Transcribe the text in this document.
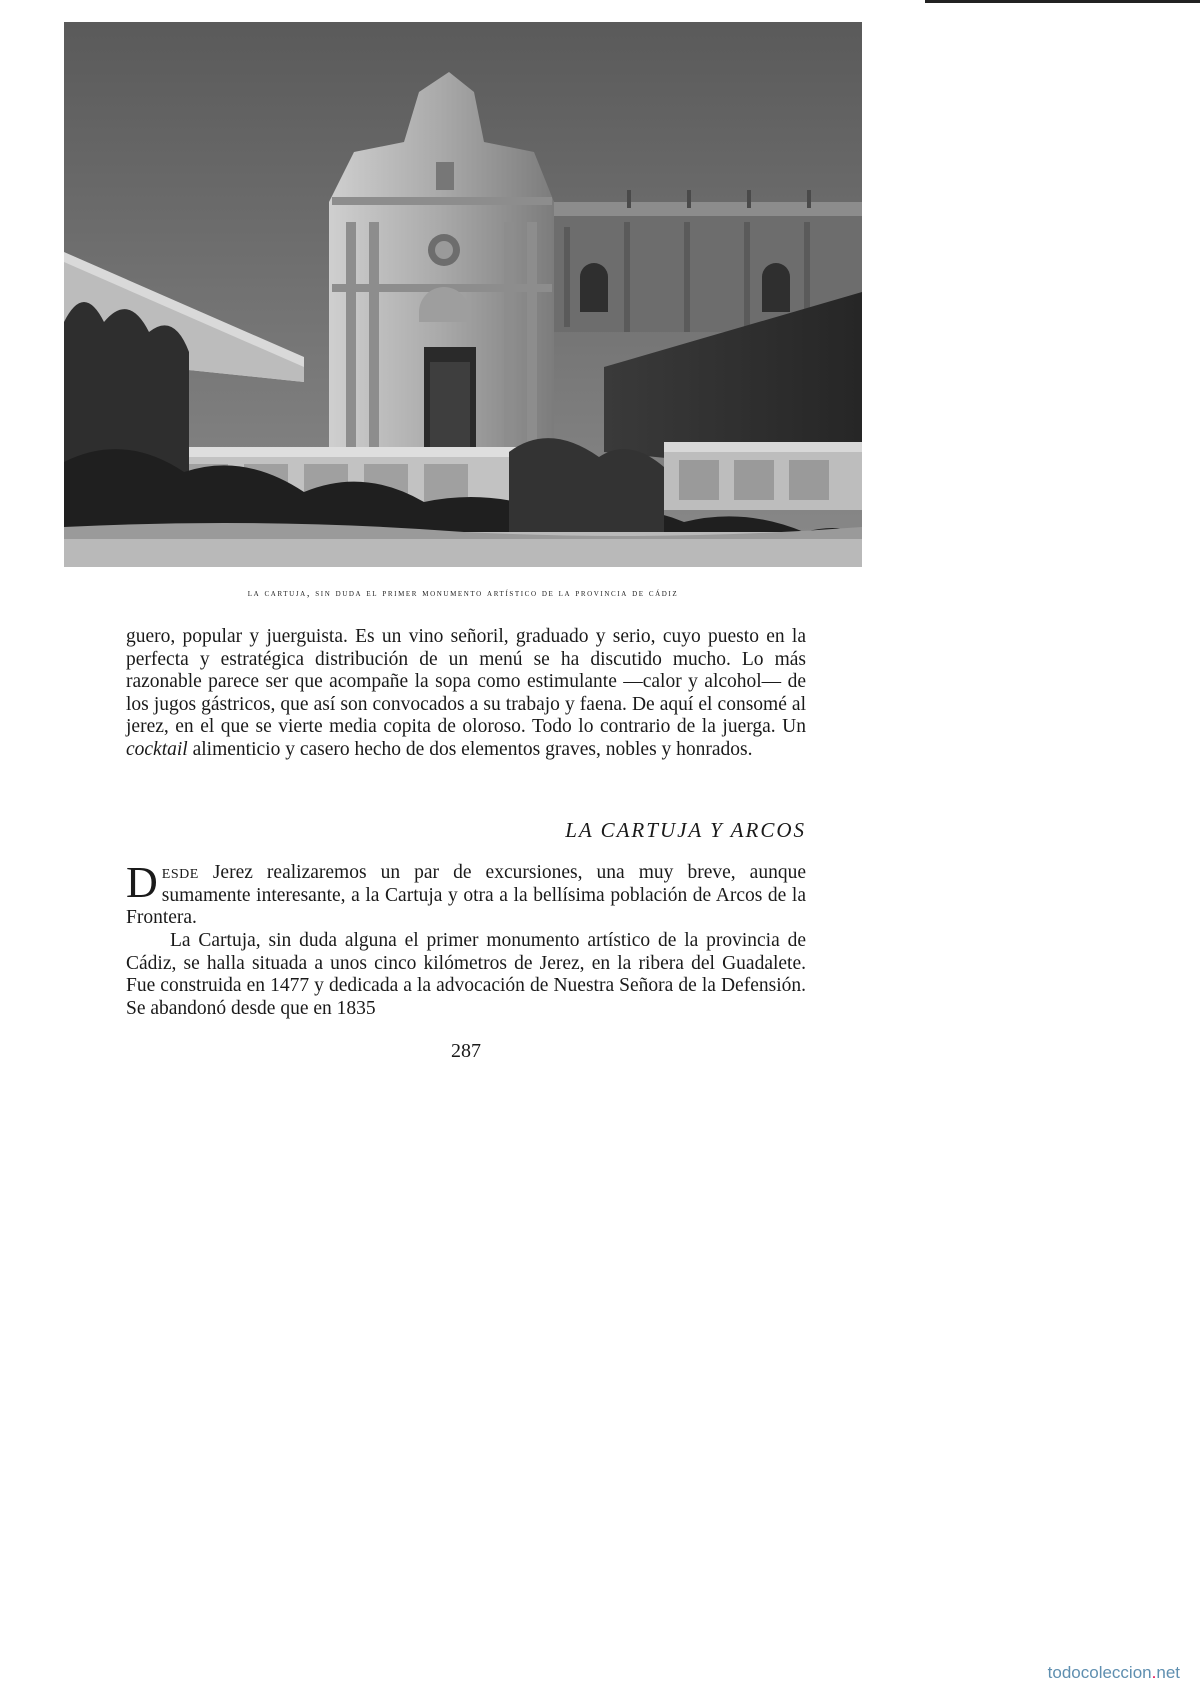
la cartuja, sin duda el primer monumento artístico de la provincia de cádiz

guero, popular y juerguista. Es un vino señoril, graduado y serio, cuyo puesto en la perfecta y estratégica distribución de un menú se ha discutido mucho. Lo más razonable parece ser que acompañe la sopa como estimulante —calor y alcohol— de los jugos gástricos, que así son convocados a su trabajo y faena. De aquí el consomé al jerez, en el que se vierte media copita de oloroso. Todo lo contrario de la juerga. Un cocktail alimenticio y casero hecho de dos elementos graves, nobles y honrados.

LA CARTUJA Y ARCOS

Desde Jerez realizaremos un par de excursiones, una muy breve, aunque sumamente interesante, a la Cartuja y otra a la bellísima población de Arcos de la Frontera.

La Cartuja, sin duda alguna el primer monumento artístico de la provincia de Cádiz, se halla situada a unos cinco kilómetros de Jerez, en la ribera del Guadalete. Fue construida en 1477 y dedicada a la advocación de Nuestra Señora de la Defensión. Se abandonó desde que en 1835
287
todocoleccion.net
